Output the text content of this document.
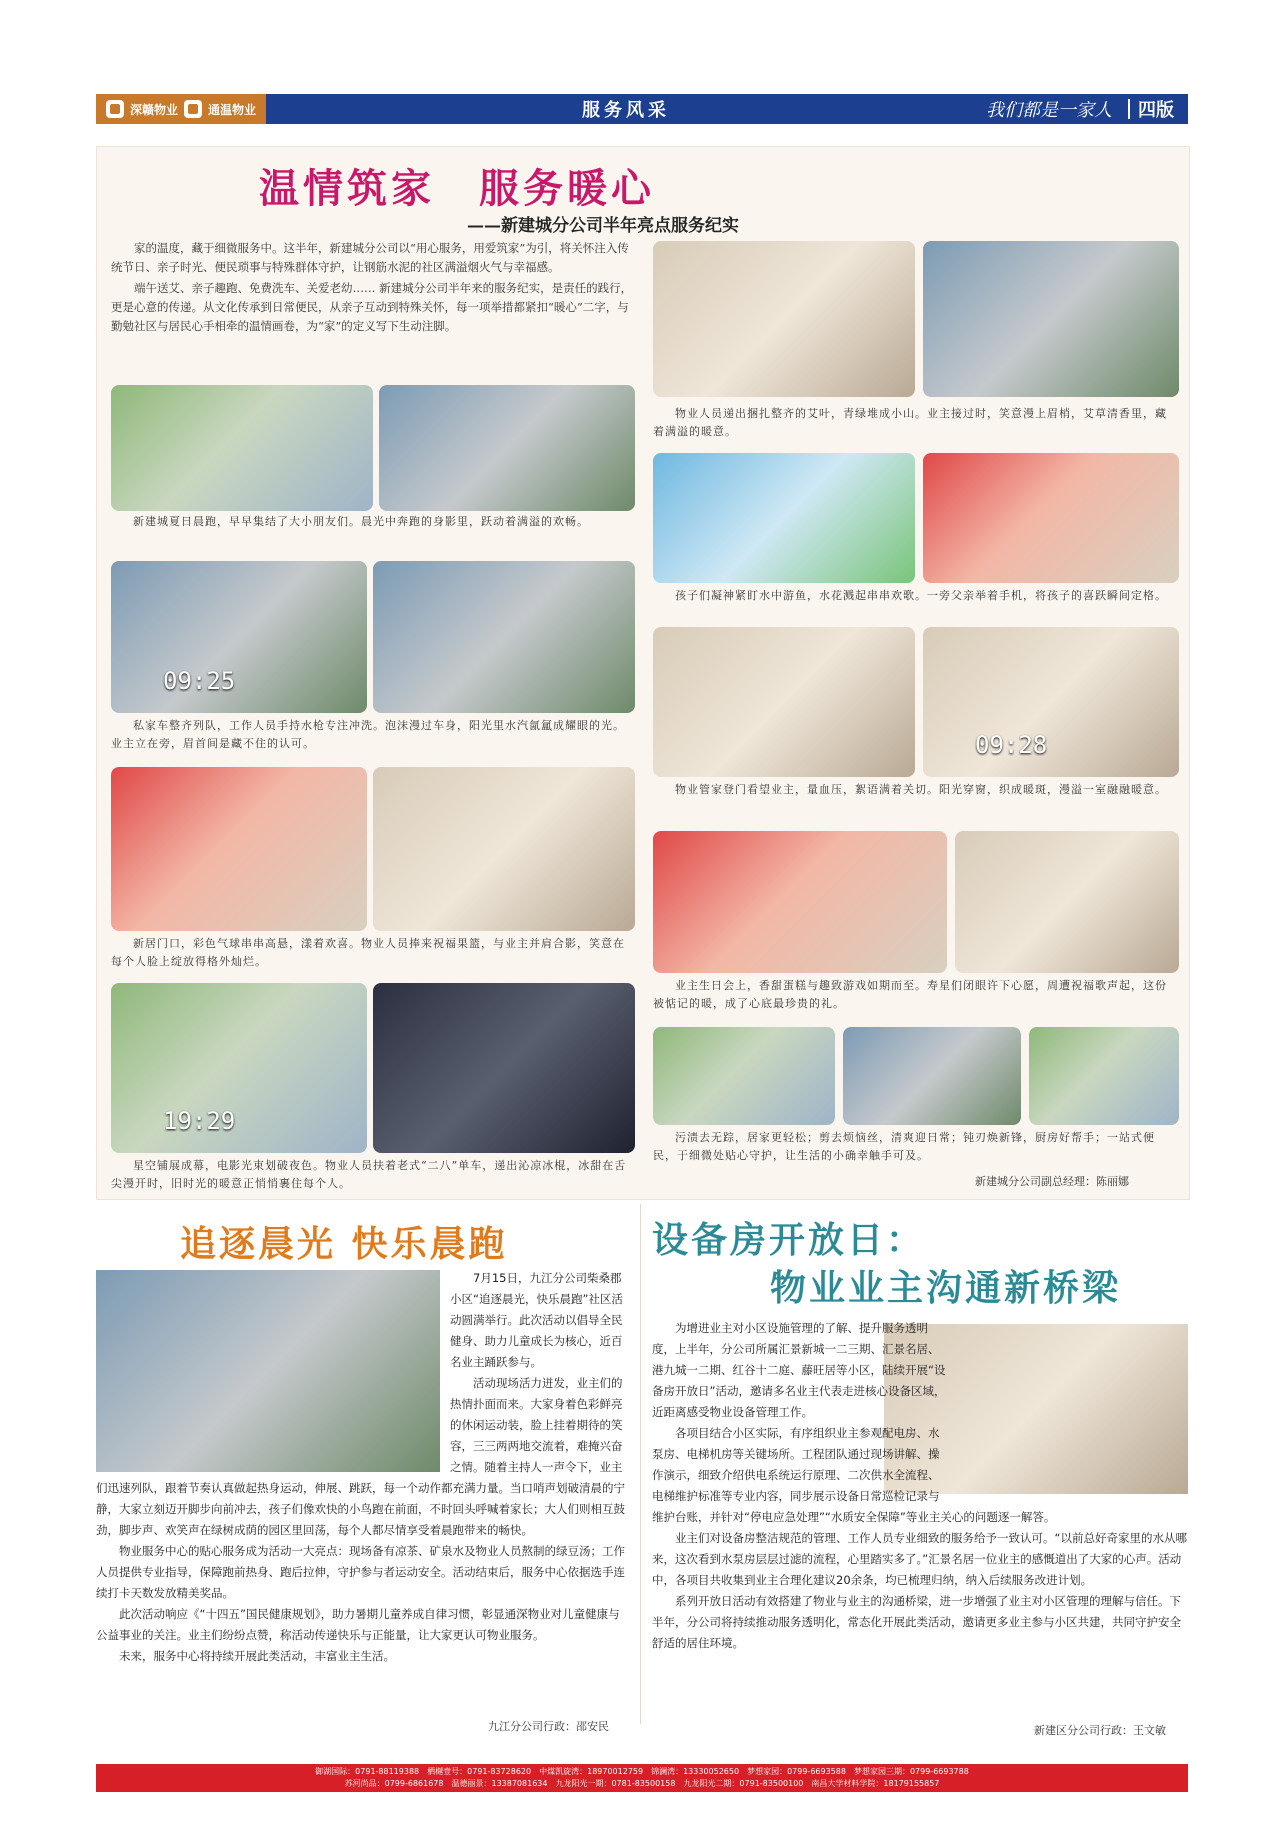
深赣物业	通温物业	服务风采	我们都是一家人	四版
温情筑家　服务暖心
——新建城分公司半年亮点服务纪实

家的温度，藏于细微服务中。这半年，新建城分公司以“用心服务，用爱筑家”为引，将关怀注入传统节日、亲子时光、便民琐事与特殊群体守护，让钢筋水泥的社区满溢烟火气与幸福感。

端午送艾、亲子趣跑、免费洗车、关爱老幼…… 新建城分公司半年来的服务纪实，是责任的践行，更是心意的传递。从文化传承到日常便民，从亲子互动到特殊关怀，每一项举措都紧扣“暖心”二字，与勤勉社区与居民心手相牵的温情画卷，为“家”的定义写下生动注脚。

新建城夏日晨跑，早早集结了大小朋友们。晨光中奔跑的身影里，跃动着满溢的欢畅。
09:25
私家车整齐列队，工作人员手持水枪专注冲洗。泡沫漫过车身，阳光里水汽氤氲成耀眼的光。业主立在旁，眉首间是藏不住的认可。
新居门口，彩色气球串串高悬，漾着欢喜。物业人员捧来祝福果篮，与业主并肩合影，笑意在每个人脸上绽放得格外灿烂。
19:29
星空铺展成幕，电影光束划破夜色。物业人员扶着老式“二八”单车，递出沁凉冰棍，冰甜在舌尖漫开时，旧时光的暖意正悄悄裹住每个人。
物业人员递出捆扎整齐的艾叶，青绿堆成小山。业主接过时，笑意漫上眉梢，艾草清香里，藏着满溢的暖意。
孩子们凝神紧盯水中游鱼，水花溅起串串欢歌。一旁父亲举着手机，将孩子的喜跃瞬间定格。
09:28
物业管家登门看望业主，量血压，絮语满着关切。阳光穿窗，织成暖斑，漫溢一室融融暖意。
业主生日会上，香甜蛋糕与趣致游戏如期而至。寿星们闭眼许下心愿，周遭祝福歌声起，这份被惦记的暖，成了心底最珍贵的礼。
污渍去无踪，居家更轻松；剪去烦恼丝，清爽迎日常；钝刃焕新锋，厨房好帮手；一站式便民，于细微处贴心守护，让生活的小确幸触手可及。
新建城分公司副总经理：陈丽娜
追逐晨光 快乐晨跑

7月15日，九江分公司柴桑郡小区“追逐晨光，快乐晨跑”社区活动圆满举行。此次活动以倡导全民健身、助力儿童成长为核心，近百名业主踊跃参与。

活动现场活力迸发，业主们的热情扑面而来。大家身着色彩鲜亮的休闲运动装，脸上挂着期待的笑容，三三两两地交流着，难掩兴奋之情。随着主持人一声令下，业主们迅速列队，跟着节奏认真做起热身运动，伸展、跳跃，每一个动作都充满力量。当口哨声划破清晨的宁静，大家立刻迈开脚步向前冲去，孩子们像欢快的小鸟跑在前面，不时回头呼喊着家长；大人们则相互鼓劲，脚步声、欢笑声在绿树成荫的园区里回荡，每个人都尽情享受着晨跑带来的畅快。

物业服务中心的贴心服务成为活动一大亮点：现场备有凉茶、矿泉水及物业人员熬制的绿豆汤；工作人员提供专业指导，保障跑前热身、跑后拉伸，守护参与者运动安全。活动结束后，服务中心依据选手连续打卡天数发放精美奖品。

此次活动响应《“十四五”国民健康规划》，助力暑期儿童养成自律习惯，彰显通深物业对儿童健康与公益事业的关注。业主们纷纷点赞，称活动传递快乐与正能量，让大家更认可物业服务。

未来，服务中心将持续开展此类活动，丰富业主生活。

九江分公司行政：邵安民
设备房开放日：
物业业主沟通新桥梁

为增进业主对小区设施管理的了解、提升服务透明度，上半年，分公司所属汇景新城一二三期、汇景名居、港九城一二期、红谷十二庭、藤旺居等小区，陆续开展“设备房开放日”活动，邀请多名业主代表走进核心设备区域，近距离感受物业设备管理工作。

各项目结合小区实际，有序组织业主参观配电房、水泵房、电梯机房等关键场所。工程团队通过现场讲解、操作演示，细致介绍供电系统运行原理、二次供水全流程、电梯维护标准等专业内容，同步展示设备日常巡检记录与维护台账，并针对“停电应急处理”“水质安全保障”等业主关心的问题逐一解答。

业主们对设备房整洁规范的管理、工作人员专业细致的服务给予一致认可。“以前总好奇家里的水从哪来，这次看到水泵房层层过滤的流程，心里踏实多了。”汇景名居一位业主的感慨道出了大家的心声。活动中，各项目共收集到业主合理化建议20余条，均已梳理归纳，纳入后续服务改进计划。

系列开放日活动有效搭建了物业与业主的沟通桥梁，进一步增强了业主对小区管理的理解与信任。下半年，分公司将持续推动服务透明化，常态化开展此类活动，邀请更多业主参与小区共建，共同守护安全舒适的居住环境。

新建区分公司行政：王文敏
御湖国际：0791-88119388　栖樾壹号：0791-83728620　中煤凯旋湾：18970012759　锦澜湾：13330052650　梦想家园：0799-6693588　梦想家园三期：0799-6693788
苏河尚品：0799-6861678　温德丽景：13387081634　九龙阳光一期：0781-83500158　九龙阳光二期：0791-83500100　南昌大学材料学院：18179155857
